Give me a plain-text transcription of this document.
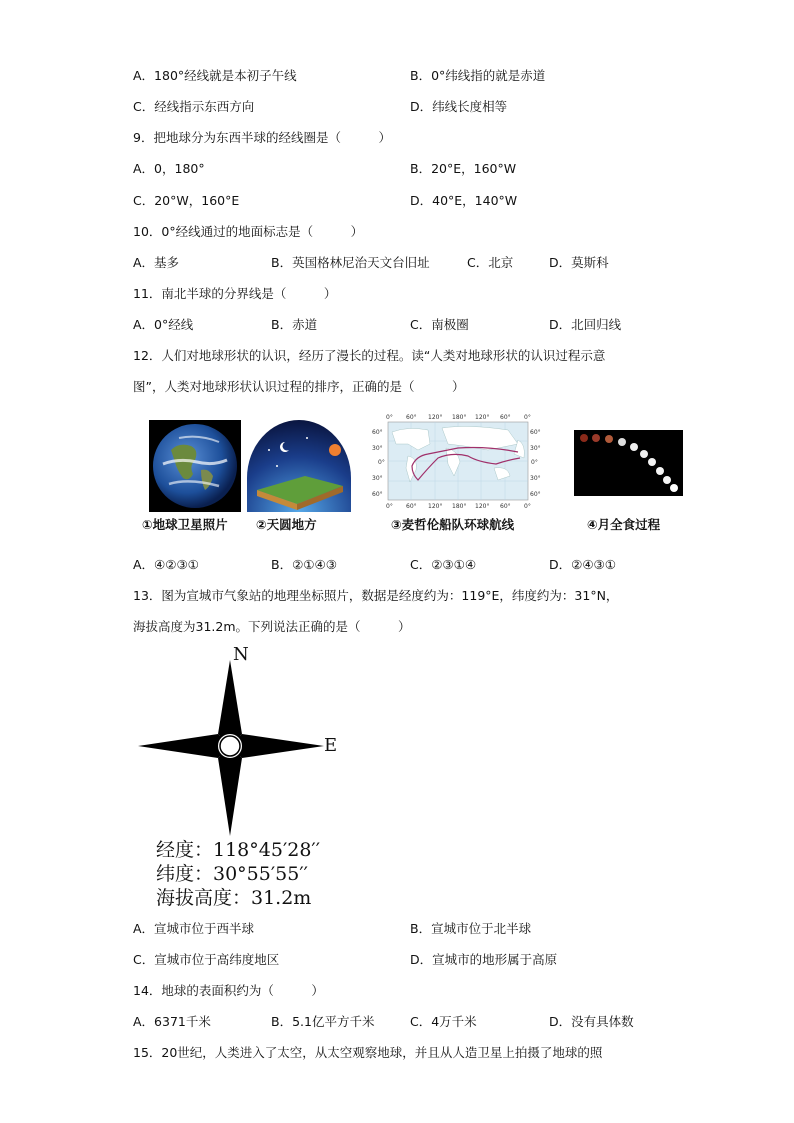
A．180°经线就是本初子午线	B．0°纬线指的就是赤道
C．经线指示东西方向	D．纬线长度相等
9．把地球分为东西半球的经线圈是（　　　）
A．0，180°	B．20°E，160°W
C．20°W，160°E	D．40°E，140°W
10．0°经线通过的地面标志是（　　　）
A．基多	B．英国格林尼治天文台旧址	C．北京	D．莫斯科
11．南北半球的分界线是（　　　）
A．0°经线	B．赤道	C．南极圈	D．北回归线
12．人们对地球形状的认识，经历了漫长的过程。读“人类对地球形状的认识过程示意
图”，人类对地球形状认识过程的排序，正确的是（　　　）
0° 60° 120° 180° 120° 60° 0°
0° 60° 120° 180° 120° 60° 0°
60°
30°
0°
30°
60°
60°
30°
0°
30°
60°
①地球卫星照片 ②天圆地方	③麦哲伦船队环球航线	④月全食过程
A．④②③①	B．②①④③	C．②③①④	D．②④③①
13．图为宣城市气象站的地理坐标照片，数据是经度约为：119°E，纬度约为：31°N，
海拔高度为31.2m。下列说法正确的是（　　　）
N
E
经度：118°45′28′′
纬度：30°55′55′′
海拔高度：31.2m
A．宣城市位于西半球	B．宣城市位于北半球
C．宣城市位于高纬度地区	D．宣城市的地形属于高原
14．地球的表面积约为（　　　）
A．6371千米	B．5.1亿平方千米	C．4万千米	D．没有具体数
15．20世纪，人类进入了太空，从太空观察地球，并且从人造卫星上拍摄了地球的照
